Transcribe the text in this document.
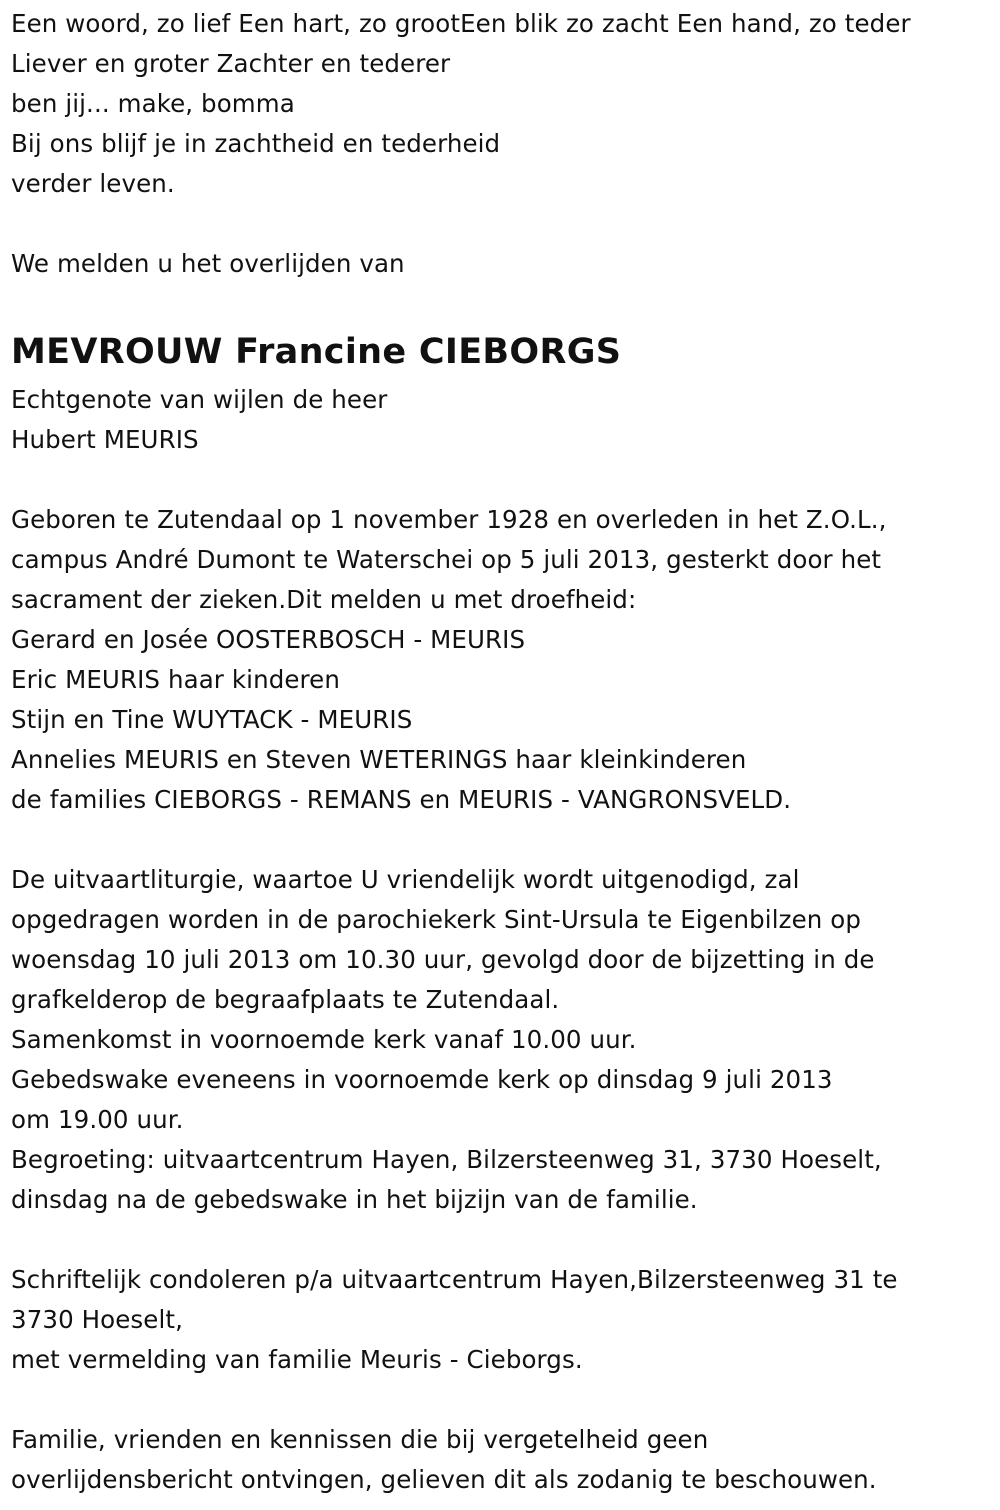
Een woord, zo lief Een hart, zo grootEen blik zo zacht Een hand, zo teder
Liever en groter Zachter en tederer
ben jij... make, bomma
Bij ons blijf je in zachtheid en tederheid
verder leven.
We melden u het overlijden van
MEVROUW Francine CIEBORGS
Echtgenote van wijlen de heer
Hubert MEURIS
Geboren te Zutendaal op 1 november 1928 en overleden in het Z.O.L.,
campus André Dumont te Waterschei op 5 juli 2013, gesterkt door het
sacrament der zieken.Dit melden u met droefheid:
Gerard en Josée OOSTERBOSCH - MEURIS
Eric MEURIS haar kinderen
Stijn en Tine WUYTACK - MEURIS
Annelies MEURIS en Steven WETERINGS haar kleinkinderen
de families CIEBORGS - REMANS en MEURIS - VANGRONSVELD.
De uitvaartliturgie, waartoe U vriendelijk wordt uitgenodigd, zal
opgedragen worden in de parochiekerk Sint-Ursula te Eigenbilzen op
woensdag 10 juli 2013 om 10.30 uur, gevolgd door de bijzetting in de
grafkelderop de begraafplaats te Zutendaal.
Samenkomst in voornoemde kerk vanaf 10.00 uur.
Gebedswake eveneens in voornoemde kerk op dinsdag 9 juli 2013
om 19.00 uur.
Begroeting: uitvaartcentrum Hayen, Bilzersteenweg 31, 3730 Hoeselt,
dinsdag na de gebedswake in het bijzijn van de familie.
Schriftelijk condoleren p/a uitvaartcentrum Hayen,Bilzersteenweg 31 te
3730 Hoeselt,
met vermelding van familie Meuris - Cieborgs.
Familie, vrienden en kennissen die bij vergetelheid geen
overlijdensbericht ontvingen, gelieven dit als zodanig te beschouwen.
